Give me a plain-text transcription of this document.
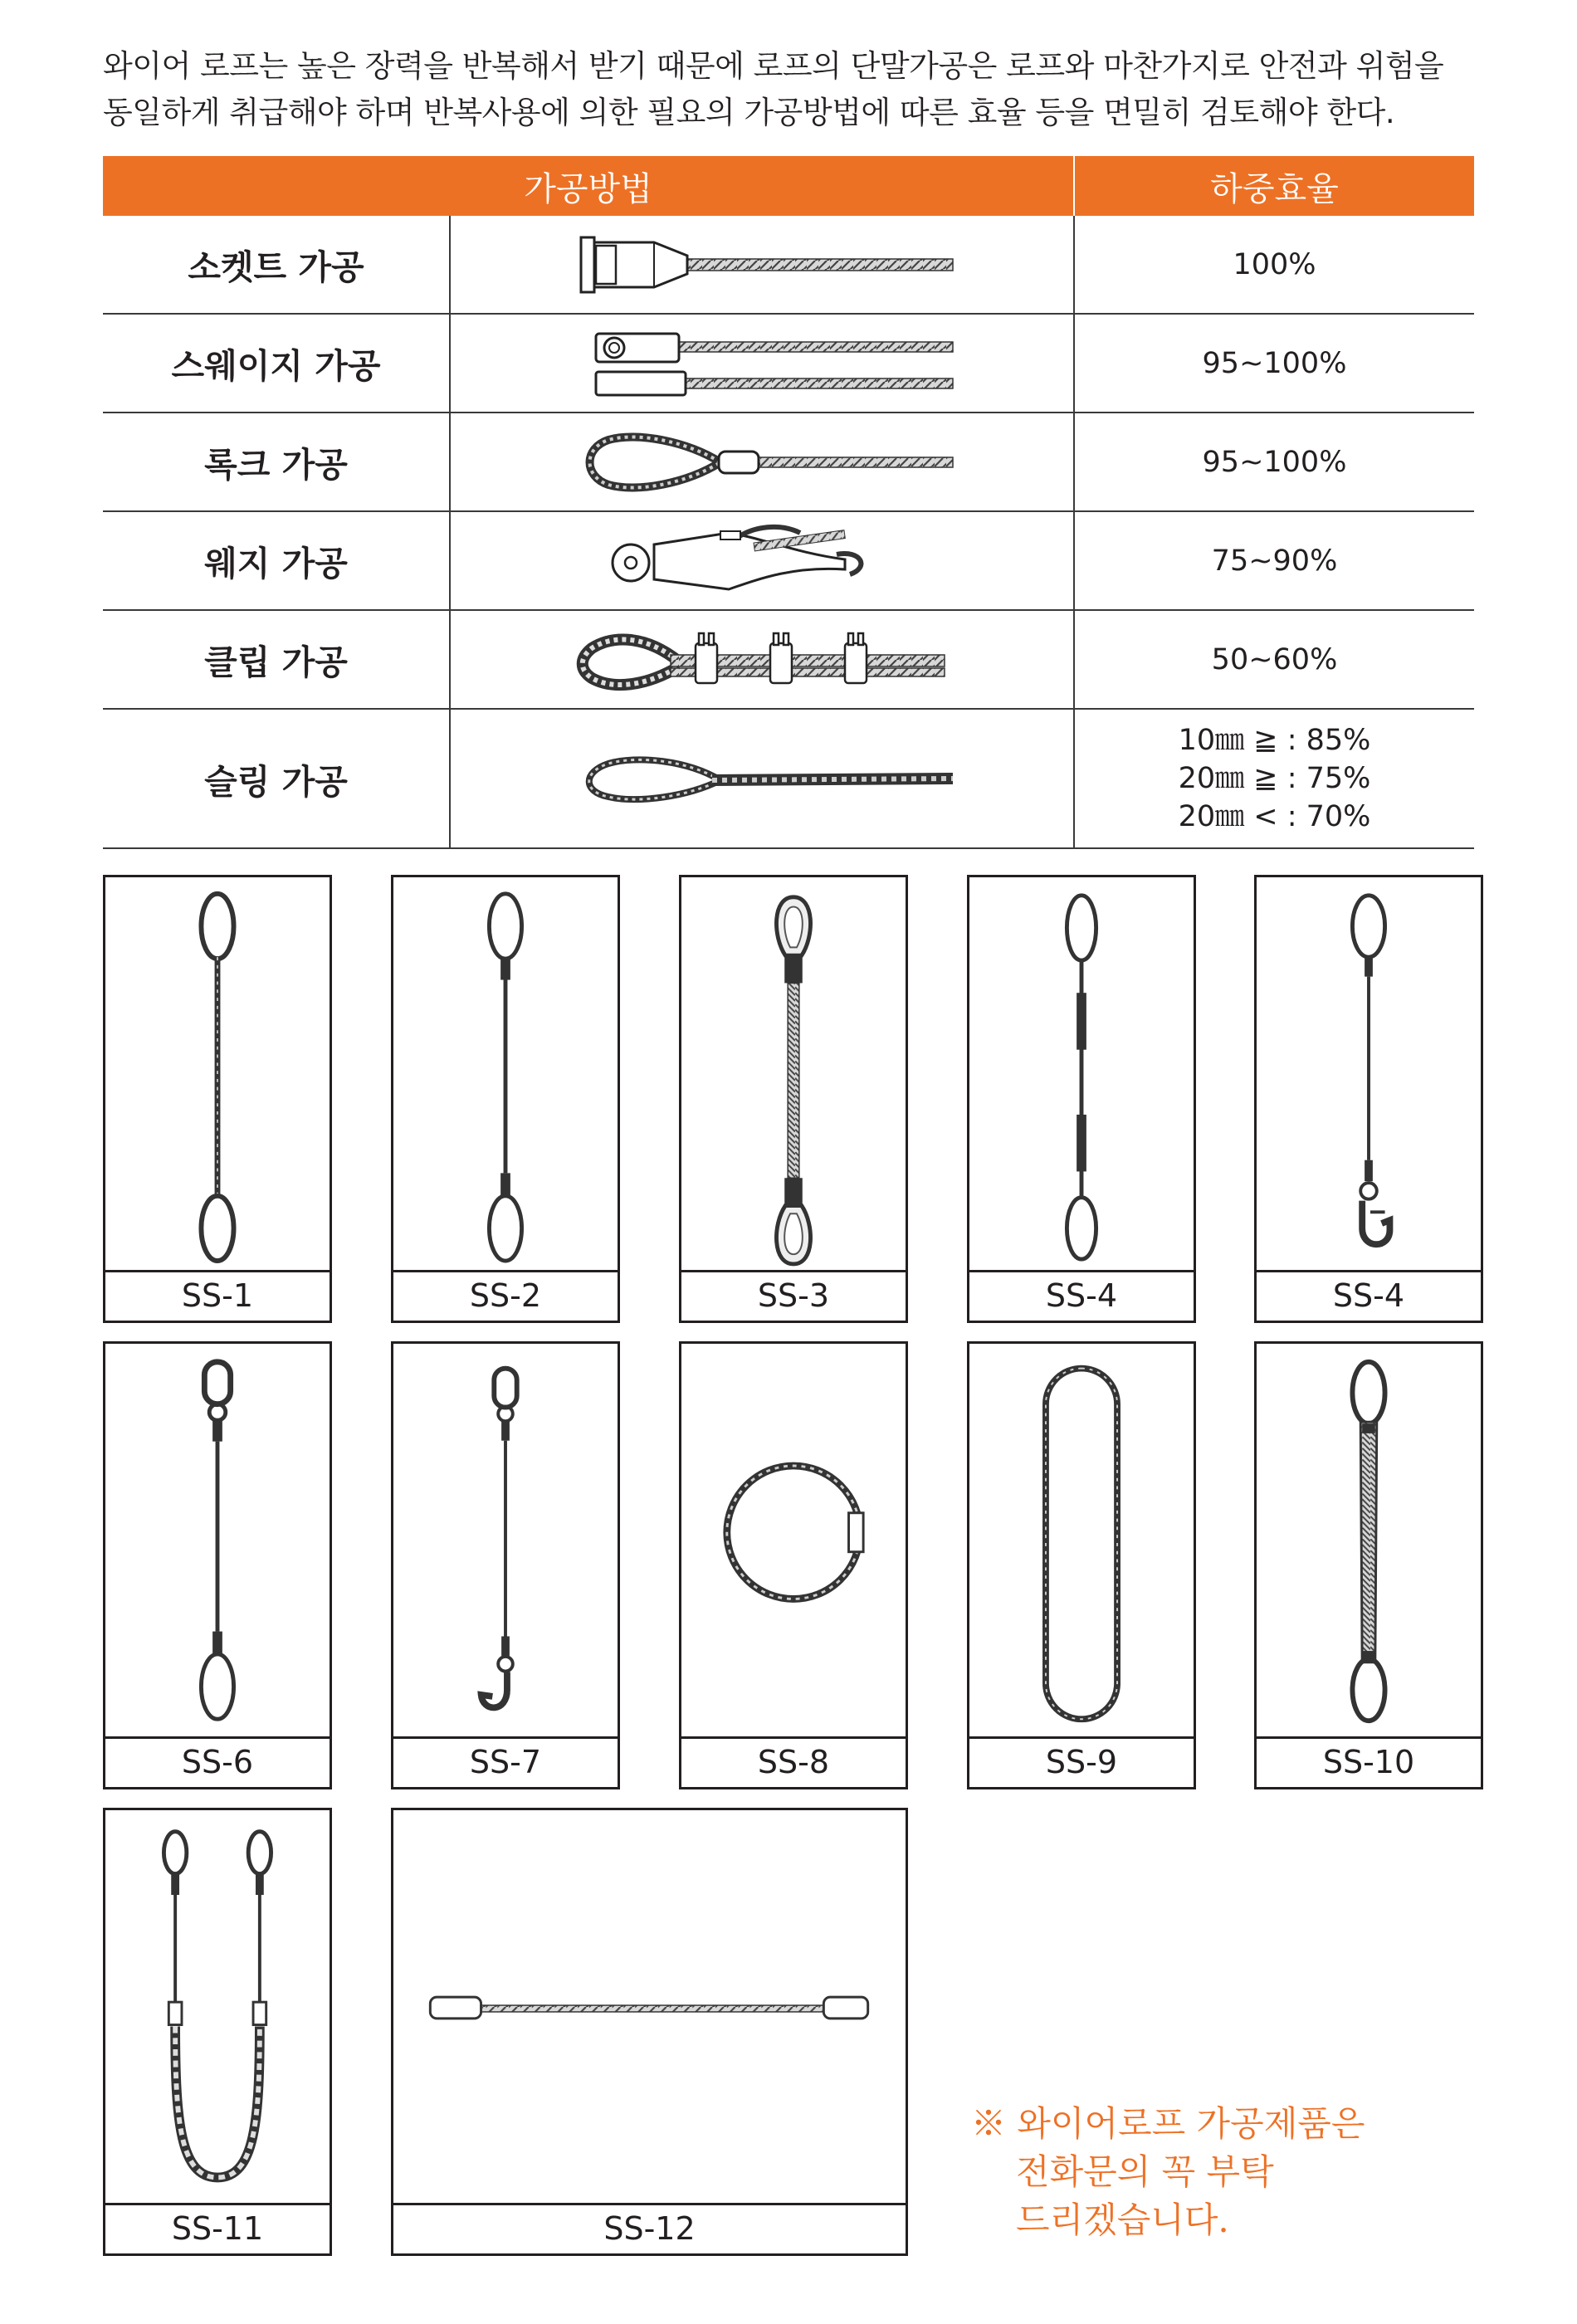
와이어 로프는 높은 장력을 반복해서 받기 때문에 로프의 단말가공은 로프와 마찬가지로 안전과 위험을

동일하게 취급해야 하며 반복사용에 의한 필요의 가공방법에 따른 효율 등을 면밀히 검토해야 한다.

가공방법		하중효율
소켓트 가공		100%

스웨이지 가공		95~100%

록크 가공		95~100%

웨지 가공		75~90%

클립 가공		50~60%

슬링 가공		10㎜ ≧ : 85%
20㎜ ≧ : 75%
20㎜ < : 70%
SS-1	SS-2	SS-3	SS-4	SS-4
SS-6	SS-7	SS-8	SS-9	SS-10
SS-11	SS-12
※ 와이어로프 가공제품은
전화문의 꼭 부탁
드리겠습니다.
